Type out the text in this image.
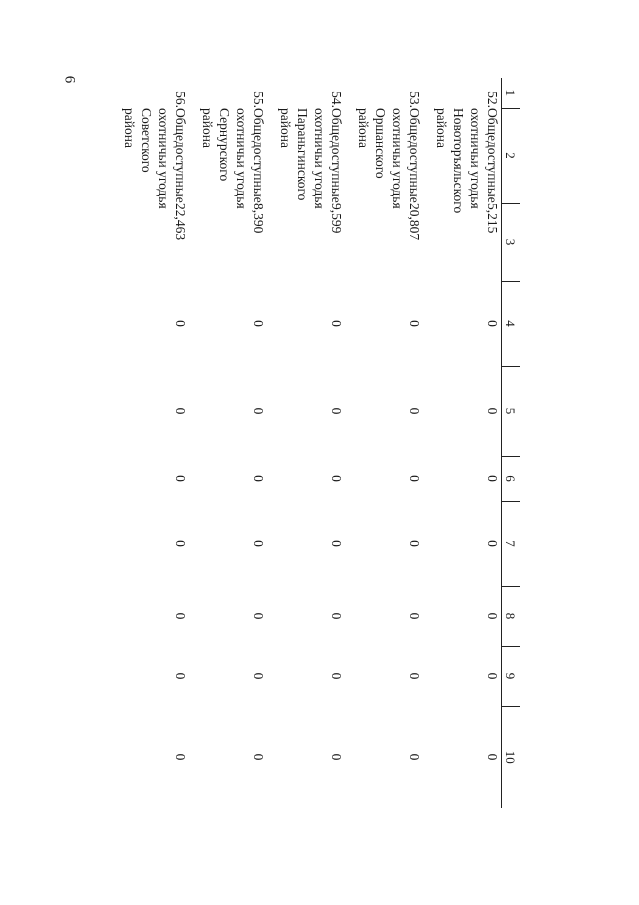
6
1	2	3	4	5	6	7	8	9	10
52.	Общедоступные
охотничьи угодья
Новоторъяльского
района	5,215	0	0	0	0	0	0	0
53.	Общедоступные
охотничьи угодья
Оршанского
района	20,807	0	0	0	0	0	0	0
54.	Общедоступные
охотничьи угодья
Параньгинского
района	9,599	0	0	0	0	0	0	0
55.	Общедоступные
охотничьи угодья
Сернурского
района	8,390	0	0	0	0	0	0	0
56.	Общедоступные
охотничьи угодья
Советского
района	22,463	0	0	0	0	0	0	0
